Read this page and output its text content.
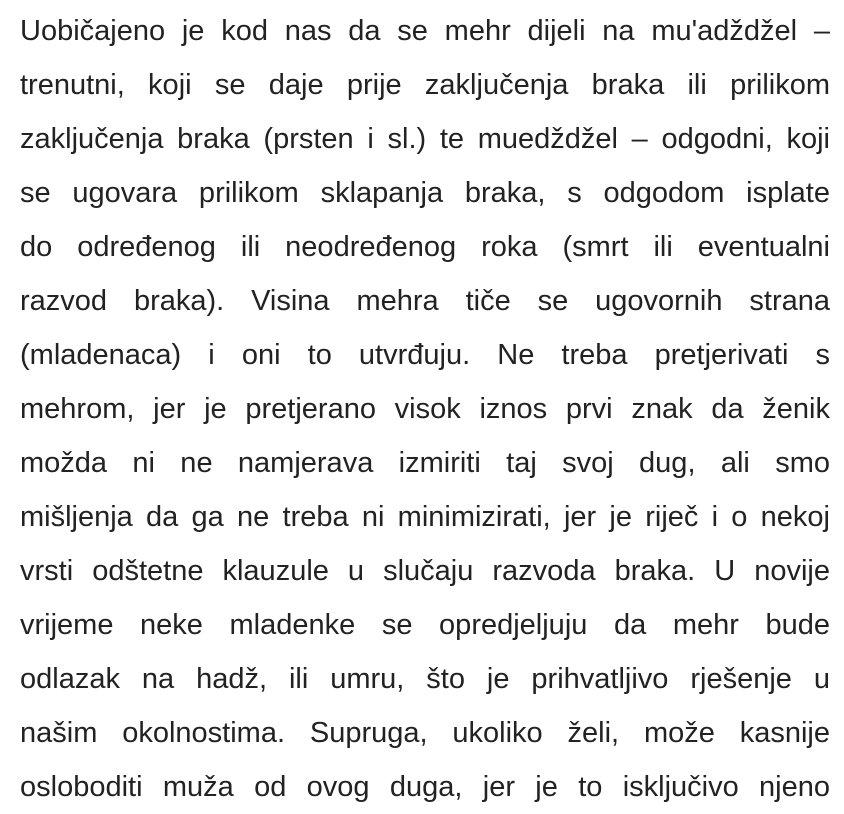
Uobičajeno je kod nas da se mehr dijeli na mu'adždžel –
trenutni, koji se daje prije zaključenja braka ili prilikom
zaključenja braka (prsten i sl.) te muedždžel – odgodni, koji
se ugovara prilikom sklapanja braka, s odgodom isplate
do određenog ili neodređenog roka (smrt ili eventualni
razvod braka). Visina mehra tiče se ugovornih strana
(mladenaca) i oni to utvrđuju. Ne treba pretjerivati s
mehrom, jer je pretjerano visok iznos prvi znak da ženik
možda ni ne namjerava izmiriti taj svoj dug, ali smo
mišljenja da ga ne treba ni minimizirati, jer je riječ i o nekoj
vrsti odštetne klauzule u slučaju razvoda braka. U novije
vrijeme neke mladenke se opredjeljuju da mehr bude
odlazak na hadž, ili umru, što je prihvatljivo rješenje u
našim okolnostima. Supruga, ukoliko želi, može kasnije
osloboditi muža od ovog duga, jer je to isključivo njeno
